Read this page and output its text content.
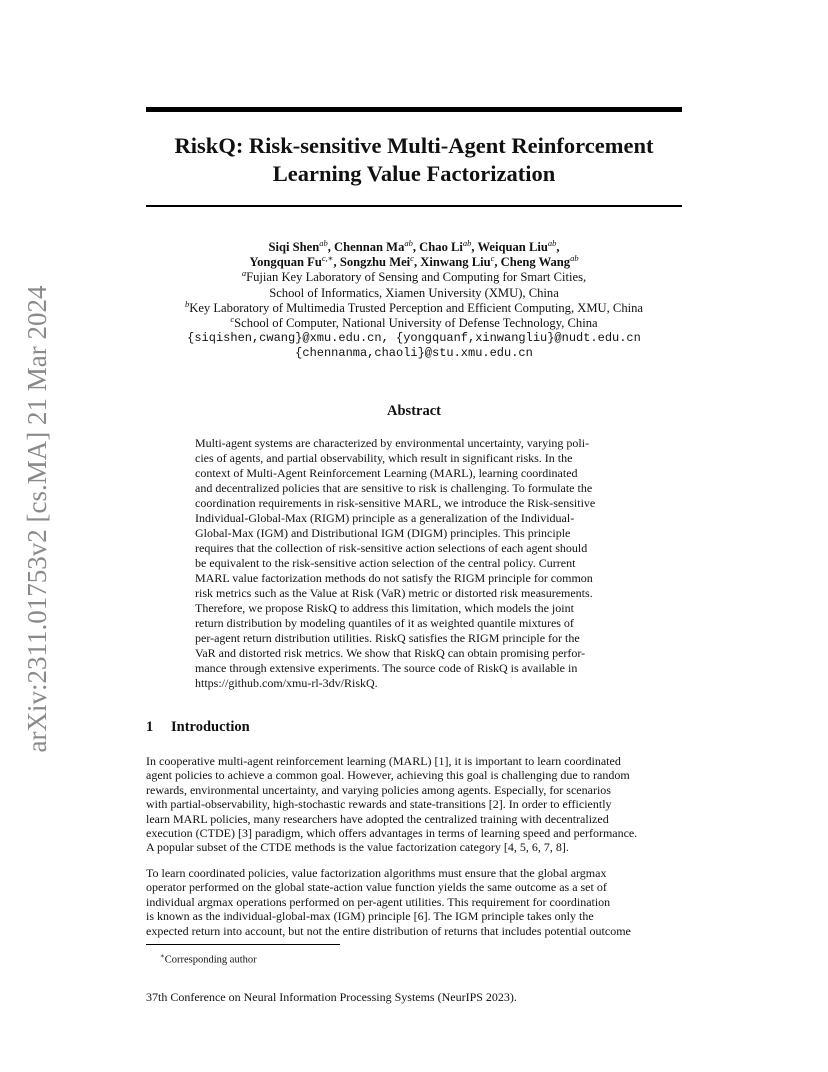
arXiv:2311.01753v2 [cs.MA] 21 Mar 2024
RiskQ: Risk-sensitive Multi-Agent Reinforcement
Learning Value Factorization
Siqi Shen$^{ab}$, Chennan $Ma^{ab}$, Chao $Li^{ab}$, Weiquan Liu$^{ab}$,
Yongquan $Fu^{c,∗}$, Songzhu Mei$^c$, Xinwang Liu$^c$, Cheng Wang$^{ab}$
$^a$Fujian Key Laboratory of Sensing and Computing for Smart Cities,
School of Informatics, Xiamen University (XMU), China
$^b$Key Laboratory of Multimedia Trusted Perception and Efficient Computing, XMU, China
$^c$School of Computer, National University of Defense Technology, China
{siqishen,cwang}@xmu.edu.cn, {yongquanf,xinwangliu}@nudt.edu.cn
{chennanma,chaoli}@stu.xmu.edu.cn
Abstract
Multi-agent systems are characterized by environmental uncertainty, varying poli-
cies of agents, and partial observability, which result in significant risks. In the
context of Multi-Agent Reinforcement Learning (MARL), learning coordinated
and decentralized policies that are sensitive to risk is challenging. To formulate the
coordination requirements in risk-sensitive MARL, we introduce the Risk-sensitive
Individual-Global-Max (RIGM) principle as a generalization of the Individual-
Global-Max (IGM) and Distributional IGM (DIGM) principles. This principle
requires that the collection of risk-sensitive action selections of each agent should
be equivalent to the risk-sensitive action selection of the central policy. Current
MARL value factorization methods do not satisfy the RIGM principle for common
risk metrics such as the Value at Risk (VaR) metric or distorted risk measurements.
Therefore, we propose RiskQ to address this limitation, which models the joint
return distribution by modeling quantiles of it as weighted quantile mixtures of
per-agent return distribution utilities. RiskQ satisfies the RIGM principle for the
VaR and distorted risk metrics. We show that RiskQ can obtain promising perfor-
mance through extensive experiments. The source code of RiskQ is available in
https://github.com/xmu-rl-3dv/RiskQ.
1 Introduction
In cooperative multi-agent reinforcement learning (MARL) [1], it is important to learn coordinated
agent policies to achieve a common goal. However, achieving this goal is challenging due to random
rewards, environmental uncertainty, and varying policies among agents. Especially, for scenarios
with partial-observability, high-stochastic rewards and state-transitions [2]. In order to efficiently
learn MARL policies, many researchers have adopted the centralized training with decentralized
execution (CTDE) [3] paradigm, which offers advantages in terms of learning speed and performance.
A popular subset of the CTDE methods is the value factorization category [4, 5, 6, 7, 8].
To learn coordinated policies, value factorization algorithms must ensure that the global argmax
operator performed on the global state-action value function yields the same outcome as a set of
individual argmax operations performed on per-agent utilities. This requirement for coordination
is known as the individual-global-max (IGM) principle [6]. The IGM principle takes only the
expected return into account, but not the entire distribution of returns that includes potential outcome
∗Corresponding author
37th Conference on Neural Information Processing Systems (NeurIPS 2023).
